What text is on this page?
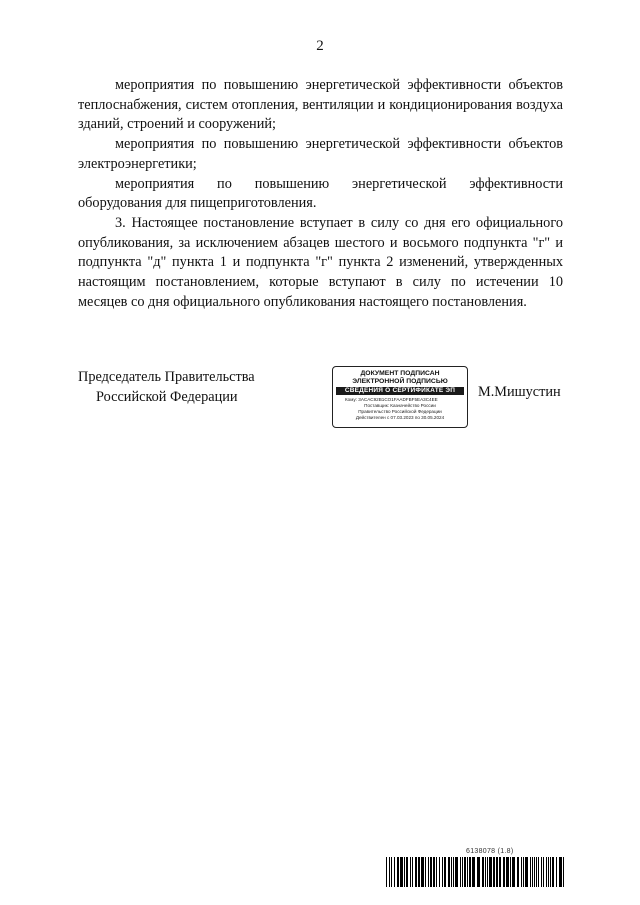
2

мероприятия по повышению энергетической эффективности объектов теплоснабжения, систем отопления, вентиляции и кондиционирования воздуха зданий, строений и сооружений;

мероприятия по повышению энергетической эффективности объектов электроэнергетики;

мероприятия по повышению энергетической эффективности оборудования для пищеприготовления.

3. Настоящее постановление вступает в силу со дня его официального опубликования, за исключением абзацев шестого и восьмого подпункта "г" и подпункта "д" пункта 1 и подпункта "г" пункта 2 изменений, утвержденных настоящим постановлением, которые вступают в силу по истечении 10 месяцев со дня официального опубликования настоящего постановления.

Председатель Правительства
Российской Федерации	М.Мишустин
ДОКУМЕНТ ПОДПИСАН
ЭЛЕКТРОННОЙ ПОДПИСЬЮ
СВЕДЕНИЯ О СЕРТИФИКАТЕ ЭП
Кому: 3ACAC92B1CO1FAADFBF5EA3C4EE
Поставщик: Казначейство России
Правительство Российской Федерации
Действителен с 07.03.2023 по 30.05.2024
6138078 (1.8)
